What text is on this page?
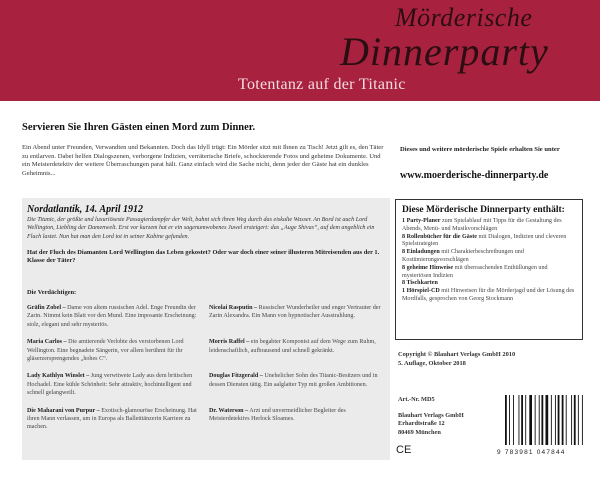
Mörderische
Dinnerparty
Totentanz auf der Titanic
Servieren Sie Ihren Gästen einen Mord zum Dinner.
Ein Abend unter Freunden, Verwandten und Bekannten. Doch das Idyll trügt: Ein Mörder sitzt mit Ihnen zu Tisch! Jetzt gilt es, den Täter zu entlarven. Dabei helfen Dialogszenen, verborgene Indizien, verräterische Briefe, schockierende Fotos und geheime Dokumente. Und ein Meisterdetektiv der weitere Überraschungen parat hält. Ganz einfach wird die Sache nicht, denn jeder der Gäste hat ein dunkles Geheimnis...
Dieses und weitere mörderische Spiele erhalten Sie unter
www.moerderische-dinnerparty.de
Nordatlantik, 14. April 1912
Die Titanic, der größte und luxuriöseste Passagierdampfer der Welt, bahnt sich ihren Weg durch das eiskalte Wasser. An Bord ist auch Lord Wellington, Liebling der Damenwelt. Erst vor kurzem hat er ein sagenumwobenes Juwel ersteigert: das „Auge Shivas“, auf dem angeblich ein Fluch lastet. Nun hat man den Lord tot in seiner Kabine gefunden.
Hat der Fluch des Diamanten Lord Wellington das Leben gekostet? Oder war doch einer seiner illusteren Mitreisenden aus der 1. Klasse der Täter?
Die Verdächtigen:
Gräfin Zobel – Dame von altem russischen Adel. Enge Freundin der Zarin. Nimmt kein Blatt vor den Mund. Eine imposante Erscheinung: stolz, elegant und sehr mysteriös.
Nicolai Rasputin – Russischer Wunderheiler und enger Vertrauter der Zarin Alexandra. Ein Mann von hypnotischer Ausstrahlung.
Maria Carlos – Die amtierende Verlobte des verstorbenen Lord Wellington. Eine begnadete Sängerin, vor allem berühmt für ihr gläserzersprengendes „hohes C“.
Morris Raffel – ein begabter Komponist auf dem Wege zum Ruhm, leidenschaftlich, aufbrausend und schnell gekränkt.
Lady Kathlyn Winslet – Jung verwitwete Lady aus dem britischen Hochadel. Eine kühle Schönheit: Sehr attraktiv, hochintelligent und schnell gelangweilt.
Douglas Fitzgerald – Unehelicher Sohn des Titanic-Besitzers und in dessen Diensten tätig. Ein aalglatter Typ mit großen Ambitionen.
Die Maharani von Purpur – Exotisch-glamouröse Erscheinung. Hat ihren Mann verlassen, um in Europa als Balletttänzerin Karriere zu machen.
Dr. Waterson – Arzt und unvermeidlicher Begleiter des Meisterdetektivs Herlock Sloames.
Diese Mörderische Dinnerparty enthält:

1 Party-Planer zum Spielablauf mit Tipps für die Gestaltung des Abends, Menü- und Musikvorschlägen
8 Rollenbücher für die Gäste mit Dialogen, Indizien und cleveren Spielstrategien
8 Einladungen mit Charakterbeschreibungen und Kostümierungsvorschlägen
8 geheime Hinweise mit überraschenden Enthüllungen und mysteriösen Indizien
8 Tischkarten
1 Hörspiel-CD mit Hinweisen für die Mörderjagd und der Lösung des Mordfalls, gesprochen von Georg Stockmann

Copyright © Blauhart Verlags GmbH 2010
5. Auflage, Oktober 2018
Art.-Nr. MD5
Blauhart Verlags GmbH
Erhardtstraße 12
80469 München
CE	9 783981 047844
